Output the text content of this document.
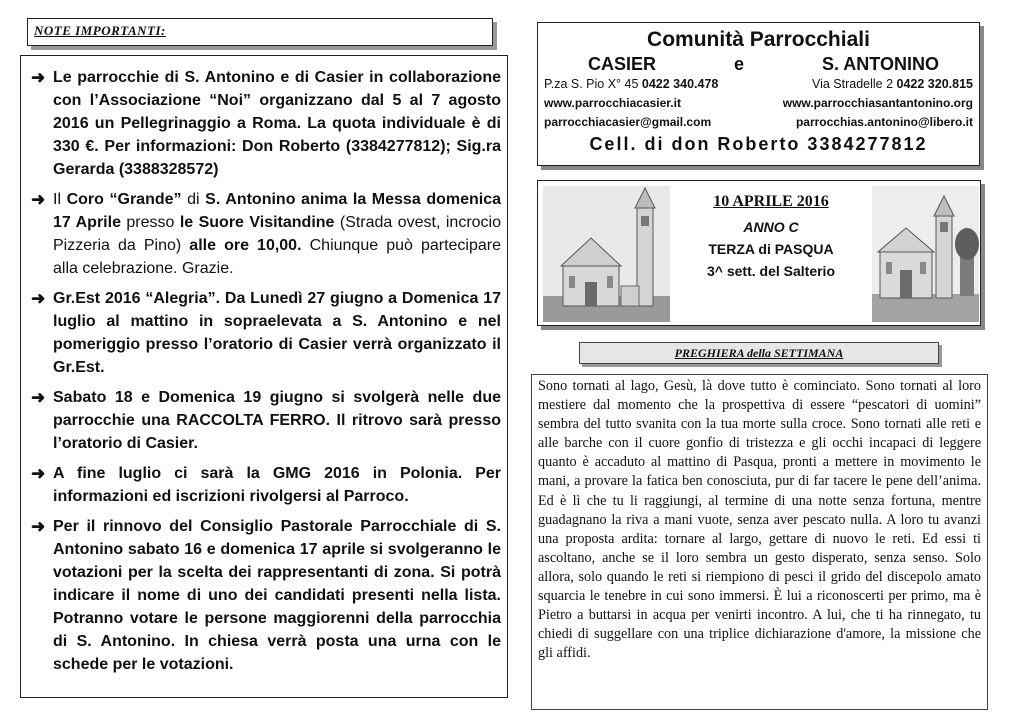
NOTE IMPORTANTI:
➜ Le parrocchie di S. Antonino e di Casier in collaborazione con l’Associazione “Noi” organizzano dal 5 al 7 agosto 2016 un Pellegrinaggio a Roma. La quota individuale è di 330 €. Per informazioni: Don Roberto (3384277812); Sig.ra Gerarda (3388328572)
➜ Il Coro “Grande” di S. Antonino anima la Messa domenica 17 Aprile presso le Suore Visitandine (Strada ovest, incrocio Pizzeria da Pino) alle ore 10,00. Chiunque può partecipare alla celebrazione. Grazie.
➜ Gr.Est 2016 “Alegria”. Da Lunedì 27 giugno a Domenica 17 luglio al mattino in sopraelevata a S. Antonino e nel pomeriggio presso l’oratorio di Casier verrà organizzato il Gr.Est.
➜ Sabato 18 e Domenica 19 giugno si svolgerà nelle due parrocchie una RACCOLTA FERRO. Il ritrovo sarà presso l’oratorio di Casier.
➜ A fine luglio ci sarà la GMG 2016 in Polonia. Per informazioni ed iscrizioni rivolgersi al Parroco.
➜ Per il rinnovo del Consiglio Pastorale Parrocchiale di S. Antonino sabato 16 e domenica 17 aprile si svolgeranno le votazioni per la scelta dei rappresentanti di zona. Si potrà indicare il nome di uno dei candidati presenti nella lista. Potranno votare le persone maggiorenni della parrocchia di S. Antonino. In chiesa verrà posta una urna con le schede per le votazioni.
Comunità Parrocchiali
CASIER	e	S. ANTONINO
P.za S. Pio X° 45 0422 340.478	Via Stradelle 2 0422 320.815
www.parrocchiacasier.it	www.parrocchiasantantonino.org
parrocchiacasier@gmail.com	parrocchias.antonino@libero.it
Cell. di don Roberto 3384277812
10 APRILE 2016
ANNO C
TERZA di PASQUA
3^ sett. del Salterio
PREGHIERA della SETTIMANA
Sono tornati al lago, Gesù, là dove tutto è cominciato. Sono tornati al loro mestiere dal momento che la prospettiva di essere “pescatori di uomini” sembra del tutto svanita con la tua morte sulla croce. Sono tornati alle reti e alle barche con il cuore gonfio di tristezza e gli occhi incapaci di leggere quanto è accaduto al mattino di Pasqua, pronti a mettere in movimento le mani, a provare la fatica ben conosciuta, pur di far tacere le pene dell’anima. Ed è lì che tu li raggiungi, al termine di una notte senza fortuna, mentre guadagnano la riva a mani vuote, senza aver pescato nulla. A loro tu avanzi una proposta ardita: tornare al largo, gettare di nuovo le reti. Ed essi ti ascoltano, anche se il loro sembra un gesto disperato, senza senso. Solo allora, solo quando le reti si riempiono di pesci il grido del discepolo amato squarcia le tenebre in cui sono immersi. È lui a riconoscerti per primo, ma è Pietro a buttarsi in acqua per venirti incontro. A lui, che ti ha rinnegato, tu chiedi di suggellare con una triplice dichiarazione d'amore, la missione che gli affidi.
